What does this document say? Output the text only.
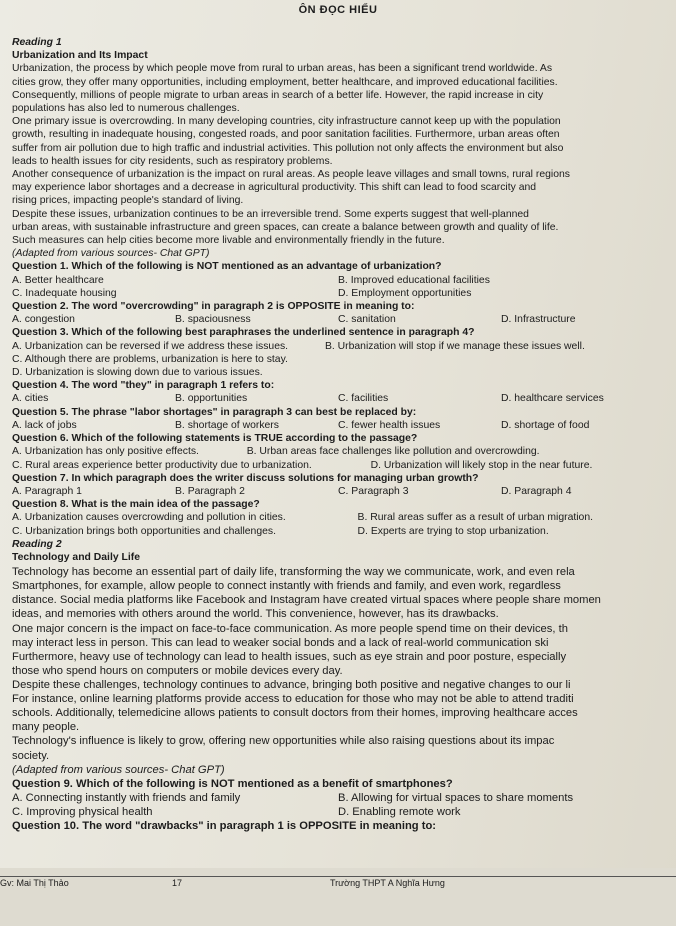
ÔN ĐỌC HIỂU
Reading 1
Urbanization and Its Impact
Urbanization, the process by which people move from rural to urban areas, has been a significant trend worldwide. As
cities grow, they offer many opportunities, including employment, better healthcare, and improved educational facilities.
Consequently, millions of people migrate to urban areas in search of a better life. However, the rapid increase in city
populations has also led to numerous challenges.
One primary issue is overcrowding. In many developing countries, city infrastructure cannot keep up with the population
growth, resulting in inadequate housing, congested roads, and poor sanitation facilities. Furthermore, urban areas often
suffer from air pollution due to high traffic and industrial activities. This pollution not only affects the environment but also
leads to health issues for city residents, such as respiratory problems.
Another consequence of urbanization is the impact on rural areas. As people leave villages and small towns, rural regions
may experience labor shortages and a decrease in agricultural productivity. This shift can lead to food scarcity and
rising prices, impacting people's standard of living.
Despite these issues, urbanization continues to be an irreversible trend. Some experts suggest that well-planned
urban areas, with sustainable infrastructure and green spaces, can create a balance between growth and quality of life.
Such measures can help cities become more livable and environmentally friendly in the future.
(Adapted from various sources- Chat GPT)
Question 1. Which of the following is NOT mentioned as an advantage of urbanization?
A. Better healthcare	B. Improved educational facilities
C. Inadequate housing	D. Employment opportunities
Question 2. The word "overcrowding" in paragraph 2 is OPPOSITE in meaning to:
A. congestion	B. spaciousness	C. sanitation	D. Infrastructure
Question 3. Which of the following best paraphrases the underlined sentence in paragraph 4?
A. Urbanization can be reversed if we address these issues.	B. Urbanization will stop if we manage these issues well.
C. Although there are problems, urbanization is here to stay.
D. Urbanization is slowing down due to various issues.
Question 4. The word "they" in paragraph 1 refers to:
A. cities	B. opportunities	C. facilities	D. healthcare services
Question 5. The phrase "labor shortages" in paragraph 3 can best be replaced by:
A. lack of jobs	B. shortage of workers	C. fewer health issues	D. shortage of food
Question 6. Which of the following statements is TRUE according to the passage?
A. Urbanization has only positive effects.	B. Urban areas face challenges like pollution and overcrowding.
C. Rural areas experience better productivity due to urbanization.	D. Urbanization will likely stop in the near future.
Question 7. In which paragraph does the writer discuss solutions for managing urban growth?
A. Paragraph 1	B. Paragraph 2	C. Paragraph 3	D. Paragraph 4
Question 8. What is the main idea of the passage?
A. Urbanization causes overcrowding and pollution in cities.	B. Rural areas suffer as a result of urban migration.
C. Urbanization brings both opportunities and challenges.	D. Experts are trying to stop urbanization.
Reading 2
Technology and Daily Life
Technology has become an essential part of daily life, transforming the way we communicate, work, and even rela
Smartphones, for example, allow people to connect instantly with friends and family, and even work, regardless
distance. Social media platforms like Facebook and Instagram have created virtual spaces where people share momen
ideas, and memories with others around the world. This convenience, however, has its drawbacks.
One major concern is the impact on face-to-face communication. As more people spend time on their devices, th
may interact less in person. This can lead to weaker social bonds and a lack of real-world communication ski
Furthermore, heavy use of technology can lead to health issues, such as eye strain and poor posture, especially
those who spend hours on computers or mobile devices every day.
Despite these challenges, technology continues to advance, bringing both positive and negative changes to our li
For instance, online learning platforms provide access to education for those who may not be able to attend traditi
schools. Additionally, telemedicine allows patients to consult doctors from their homes, improving healthcare acces
many people.
Technology's influence is likely to grow, offering new opportunities while also raising questions about its impac
society.
(Adapted from various sources- Chat GPT)
Question 9. Which of the following is NOT mentioned as a benefit of smartphones?
A. Connecting instantly with friends and family	B. Allowing for virtual spaces to share moments
C. Improving physical health	D. Enabling remote work
Question 10. The word "drawbacks" in paragraph 1 is OPPOSITE in meaning to:
Gv: Mai Thị Thảo	17	Trường THPT A Nghĩa Hưng
